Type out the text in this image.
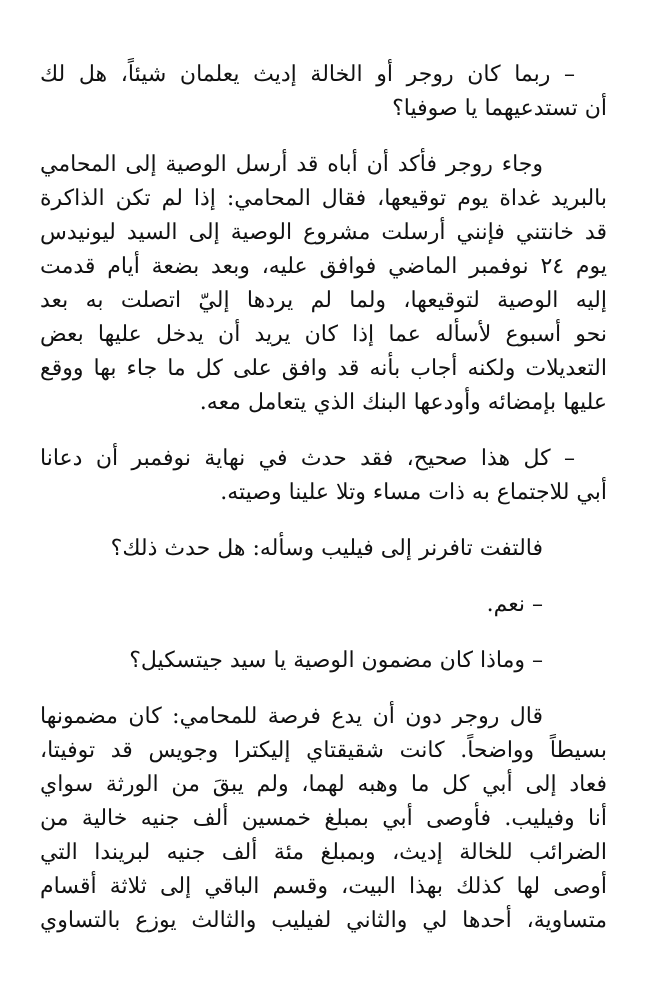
– ربما كان روجر أو الخالة إديث يعلمان شيئاً، هل لك
أن تستدعيهما يا صوفيا؟

وجاء روجر فأكد أن أباه قد أرسل الوصية إلى المحامي
بالبريد غداة يوم توقيعها، فقال المحامي: إذا لم تكن الذاكرة
قد خانتني فإنني أرسلت مشروع الوصية إلى السيد ليونيدس
يوم ٢٤ نوفمبر الماضي فوافق عليه، وبعد بضعة أيام قدمت
إليه الوصية لتوقيعها، ولما لم يردها إليّ اتصلت به بعد
نحو أسبوع لأسأله عما إذا كان يريد أن يدخل عليها بعض
التعديلات ولكنه أجاب بأنه قد وافق على كل ما جاء بها ووقع
عليها بإمضائه وأودعها البنك الذي يتعامل معه.

– كل هذا صحيح، فقد حدث في نهاية نوفمبر أن دعانا
أبي للاجتماع به ذات مساء وتلا علينا وصيته.

فالتفت تافرنر إلى فيليب وسأله: هل حدث ذلك؟

– نعم.

– وماذا كان مضمون الوصية يا سيد جيتسكيل؟

قال روجر دون أن يدع فرصة للمحامي: كان مضمونها
بسيطاً وواضحاً. كانت شقيقتاي إليكترا وجويس قد توفيتا،
فعاد إلى أبي كل ما وهبه لهما، ولم يبقَ من الورثة سواي
أنا وفيليب. فأوصى أبي بمبلغ خمسين ألف جنيه خالية من
الضرائب للخالة إديث، وبمبلغ مئة ألف جنيه لبريندا التي
أوصى لها كذلك بهذا البيت، وقسم الباقي إلى ثلاثة أقسام
متساوية، أحدها لي والثاني لفيليب والثالث يوزع بالتساوي
